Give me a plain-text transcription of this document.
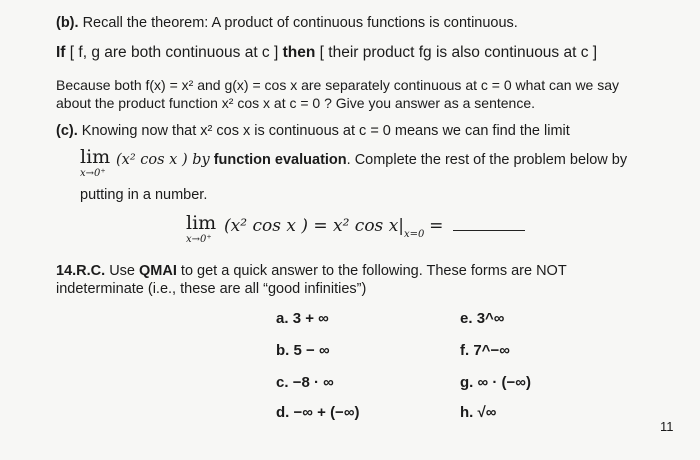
(b). Recall the theorem: A product of continuous functions is continuous.
If [ f, g are both continuous at c ] then [ their product fg is also continuous at c ]
Because both f(x) = x² and g(x) = cos x are separately continuous at c = 0 what can we say
about the product function x² cos x at c = 0 ? Give you answer as a sentence.
(c). Knowing now that x² cos x is continuous at c = 0 means we can find the limit
lim
x→0⁺
(x² cos x ) by function evaluation. Complete the rest of the problem below by
putting in a number.
lim
x→0⁺
(x² cos x ) = x² $\cos x|_{x=0}$ =
14.R.C. Use QMAI to get a quick answer to the following. These forms are NOT
indeterminate (i.e., these are all “good infinities”)
a. 3 + ∞
b. 5 − ∞
c. −8 · ∞
d. −∞ + (−∞)
e. 3^∞
f. 7^−∞
g. ∞ · (−∞)
h. √∞
11
